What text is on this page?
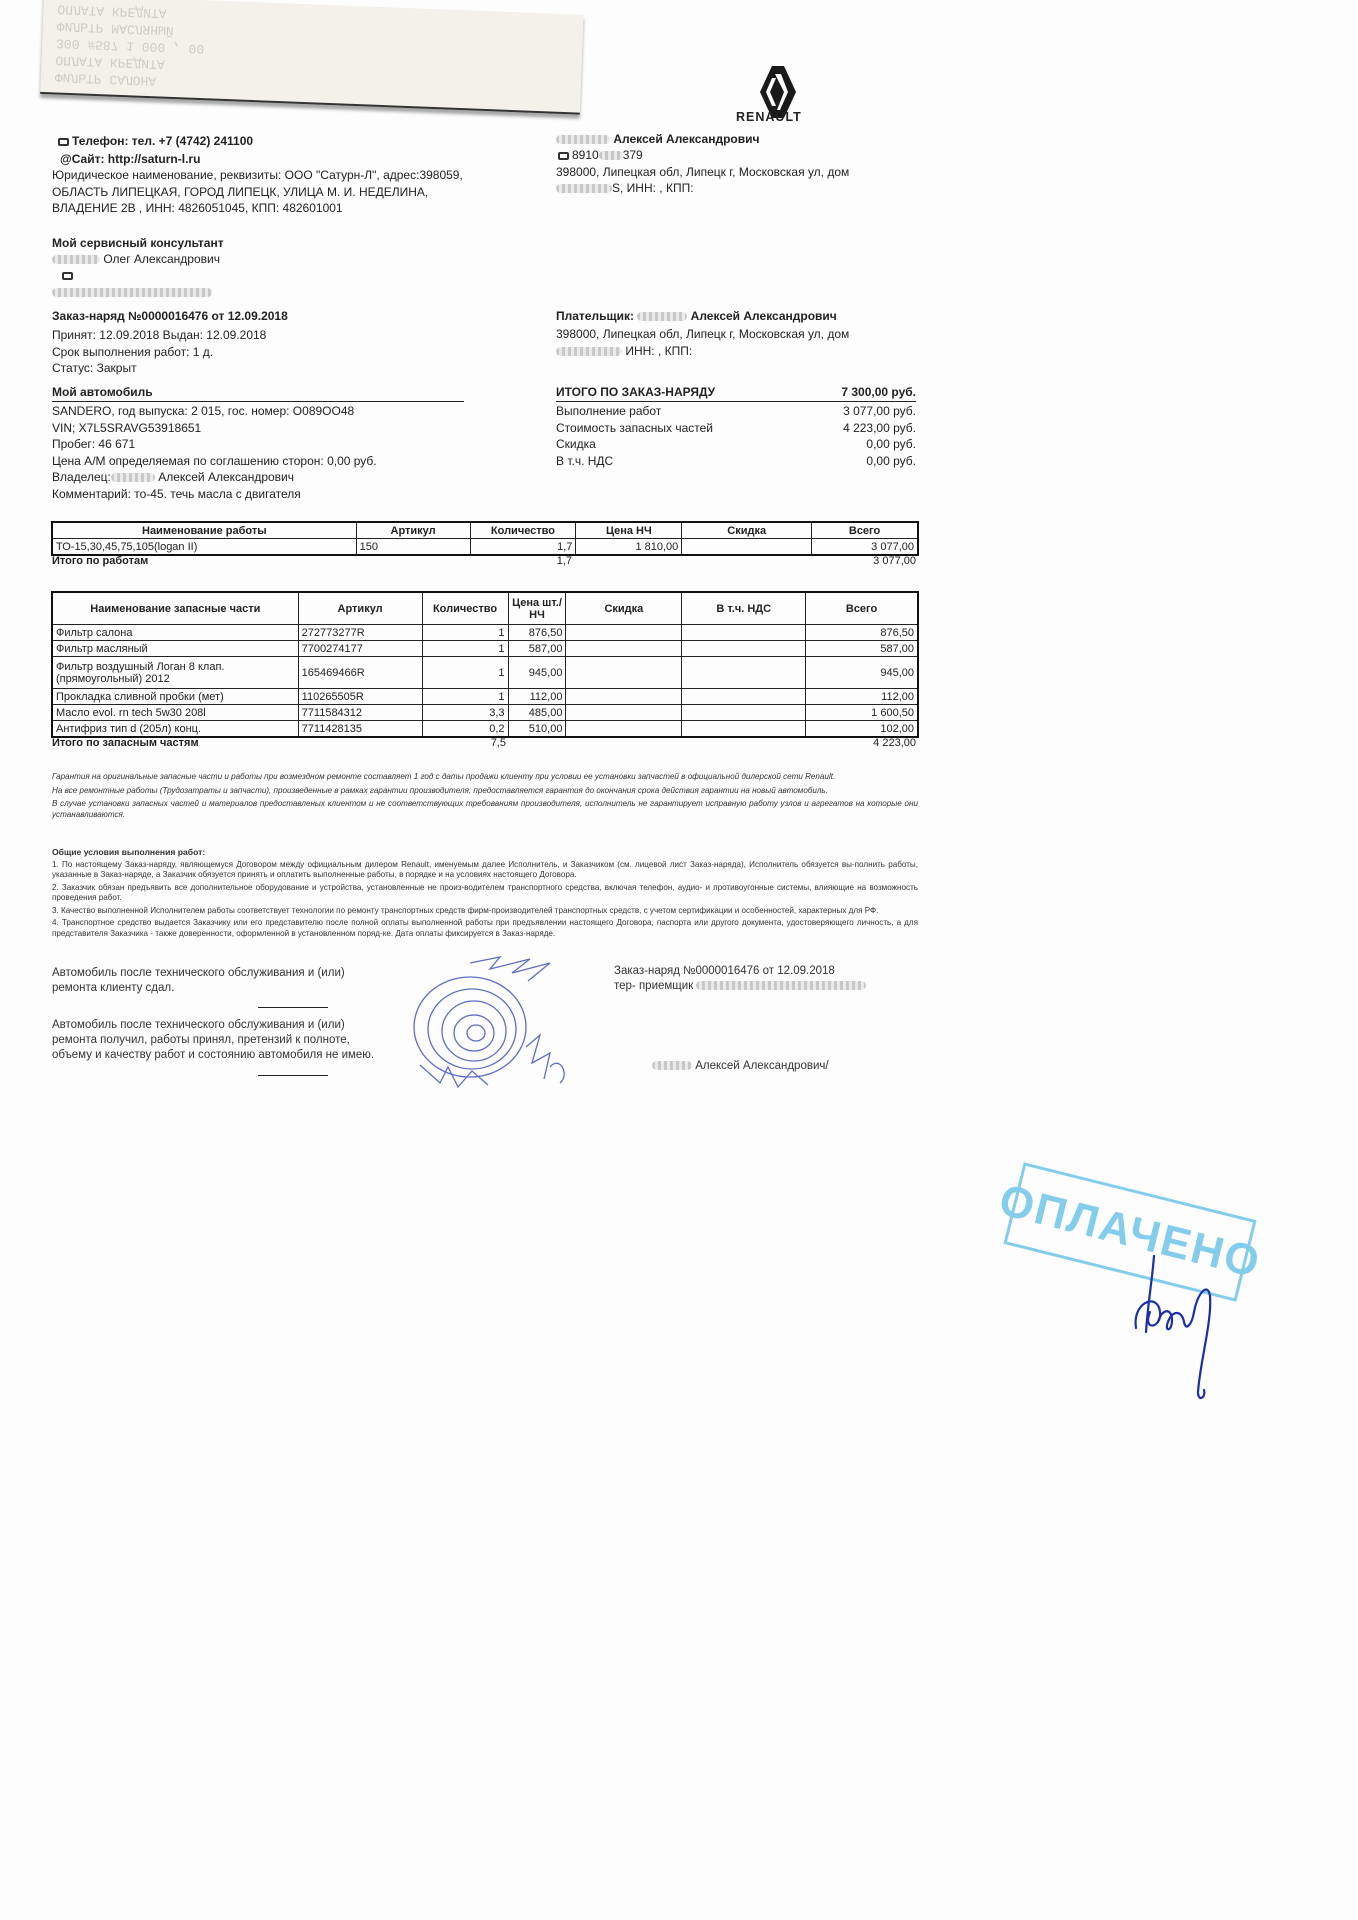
ФИЛЬТР САЛОНА
ОПЛАТА КРЕДИТА
300 #587 1 000 , 00
ФИЛЬТР МАСЛЯНЫЙ
ОПЛАТА КРЕДИТА
RENAULT
Телефон: тел. +7 (4742) 241100
@Сайт: http://saturn-l.ru
Юридическое наименование, реквизиты: ООО "Сатурн-Л", адрес:398059, ОБЛАСТЬ ЛИПЕЦКАЯ, ГОРОД ЛИПЕЦК, УЛИЦА М. И. НЕДЕЛИНА, ВЛАДЕНИЕ 2В , ИНН: 4826051045, КПП: 482601001
Мой сервисный консультант
Олег Александрович
Алексей Александрович
8910 379
398000, Липецкая обл, Липецк г, Московская ул, дом
S, ИНН: , КПП:
Заказ-наряд №0000016476 от 12.09.2018
Принят: 12.09.2018 Выдан: 12.09.2018
Срок выполнения работ: 1 д.
Статус: Закрыт
Плательщик:	Алексей Александрович
398000, Липецкая обл, Липецк г, Московская ул, дом
ИНН: , КПП:
Мой автомобиль
SANDERO, год выпуска: 2 015, гос. номер: О089ОО48
VIN; X7L5SRAVG53918651
Пробег: 46 671
Цена А/М определяемая по соглашению сторон: 0,00 руб.
Владелец:	Алексей Александрович
Комментарий: то-45. течь масла с двигателя
ИТОГО ПО ЗАКАЗ-НАРЯДУ	7 300,00 руб.
Выполнение работ	3 077,00 руб.
Стоимость запасных частей	4 223,00 руб.
Скидка	0,00 руб.
В т.ч. НДС	0,00 руб.
Наименование работы	Артикул	Количество	Цена НЧ	Скидка	Всего
ТО-15,30,45,75,105(logan II)	150	1,7	1 810,00		3 077,00
Итого по работам	1,7	3 077,00
Наименование запасные части	Артикул	Количество	Цена шт./НЧ	Скидка	В т.ч. НДС	Всего
Фильтр салона	272773277R	1	876,50			876,50
Фильтр масляный	7700274177	1	587,00			587,00
Фильтр воздушный Логан 8 клап. (прямоугольный) 2012	165469466R	1	945,00			945,00
Прокладка сливной пробки (мет)	110265505R	1	112,00			112,00
Масло evol. rn tech 5w30 208l	7711584312	3,3	485,00			1 600,50
Антифриз тип d (205л) конц.	7711428135	0,2	510,00			102,00
Итого по запасным частям	7,5	4 223,00
Гарантия на оригинальные запасные части и работы при возмездном ремонте составляет 1 год с даты продажи клиенту при условии ее установки запчастей в официальной дилерской сети Renault.
На все ремонтные работы (Трудозатраты и запчасти), произведенные в рамках гарантии производителя, предоставляется гарантия до окончания срока действия гарантии на новый автомобиль.
В случае установки запасных частей и материалов предоставленых клиентом и не соответствующих требованиям производителя, исполнитель не гарантирует исправную работу узлов и агрегатов на которые они устанавливаются.
Общие условия выполнения работ:
1. По настоящему Заказ-наряду, являющемуся Договором между официальным дилером Renault, именуемым далее Исполнитель, и Заказчиком (см. лицевой лист Заказ-наряда), Исполнитель обязуется вы-полнить работы, указанные в Заказ-наряде, а Заказчик обязуется принять и оплатить выполненные работы, в порядке и на условиях настоящего Договора.
2. Заказчик обязан предъявить все дополнительное оборудование и устройства, установленные не произ-водителем транспортного средства, включая телефон, аудио- и противоугонные системы, влияющие на возможность проведения работ.
3. Качество выполненной Исполнителем работы соответствует технологии по ремонту транспортных средств фирм-производителей транспортных средств, с учетом сертификации и особенностей, характерных для РФ.
4. Транспортное средство выдается Заказчику или его представителю после полной оплаты выполненной работы при предъявлении настоящего Договора, паспорта или другого документа, удостоверяющего личность, а для представителя Заказчика - также доверенности, оформленной в установленном поряд-ке. Дата оплаты фиксируется в Заказ-наряде.
Автомобиль после технического обслуживания и (или) ремонта клиенту сдал.
Автомобиль после технического обслуживания и (или) ремонта получил, работы принял, претензий к полноте, объему и качеству работ и состоянию автомобиля не имею.
Заказ-наряд №0000016476 от 12.09.2018
тер- приемщик
Алексей Александрович/
ОПЛАЧЕНО
